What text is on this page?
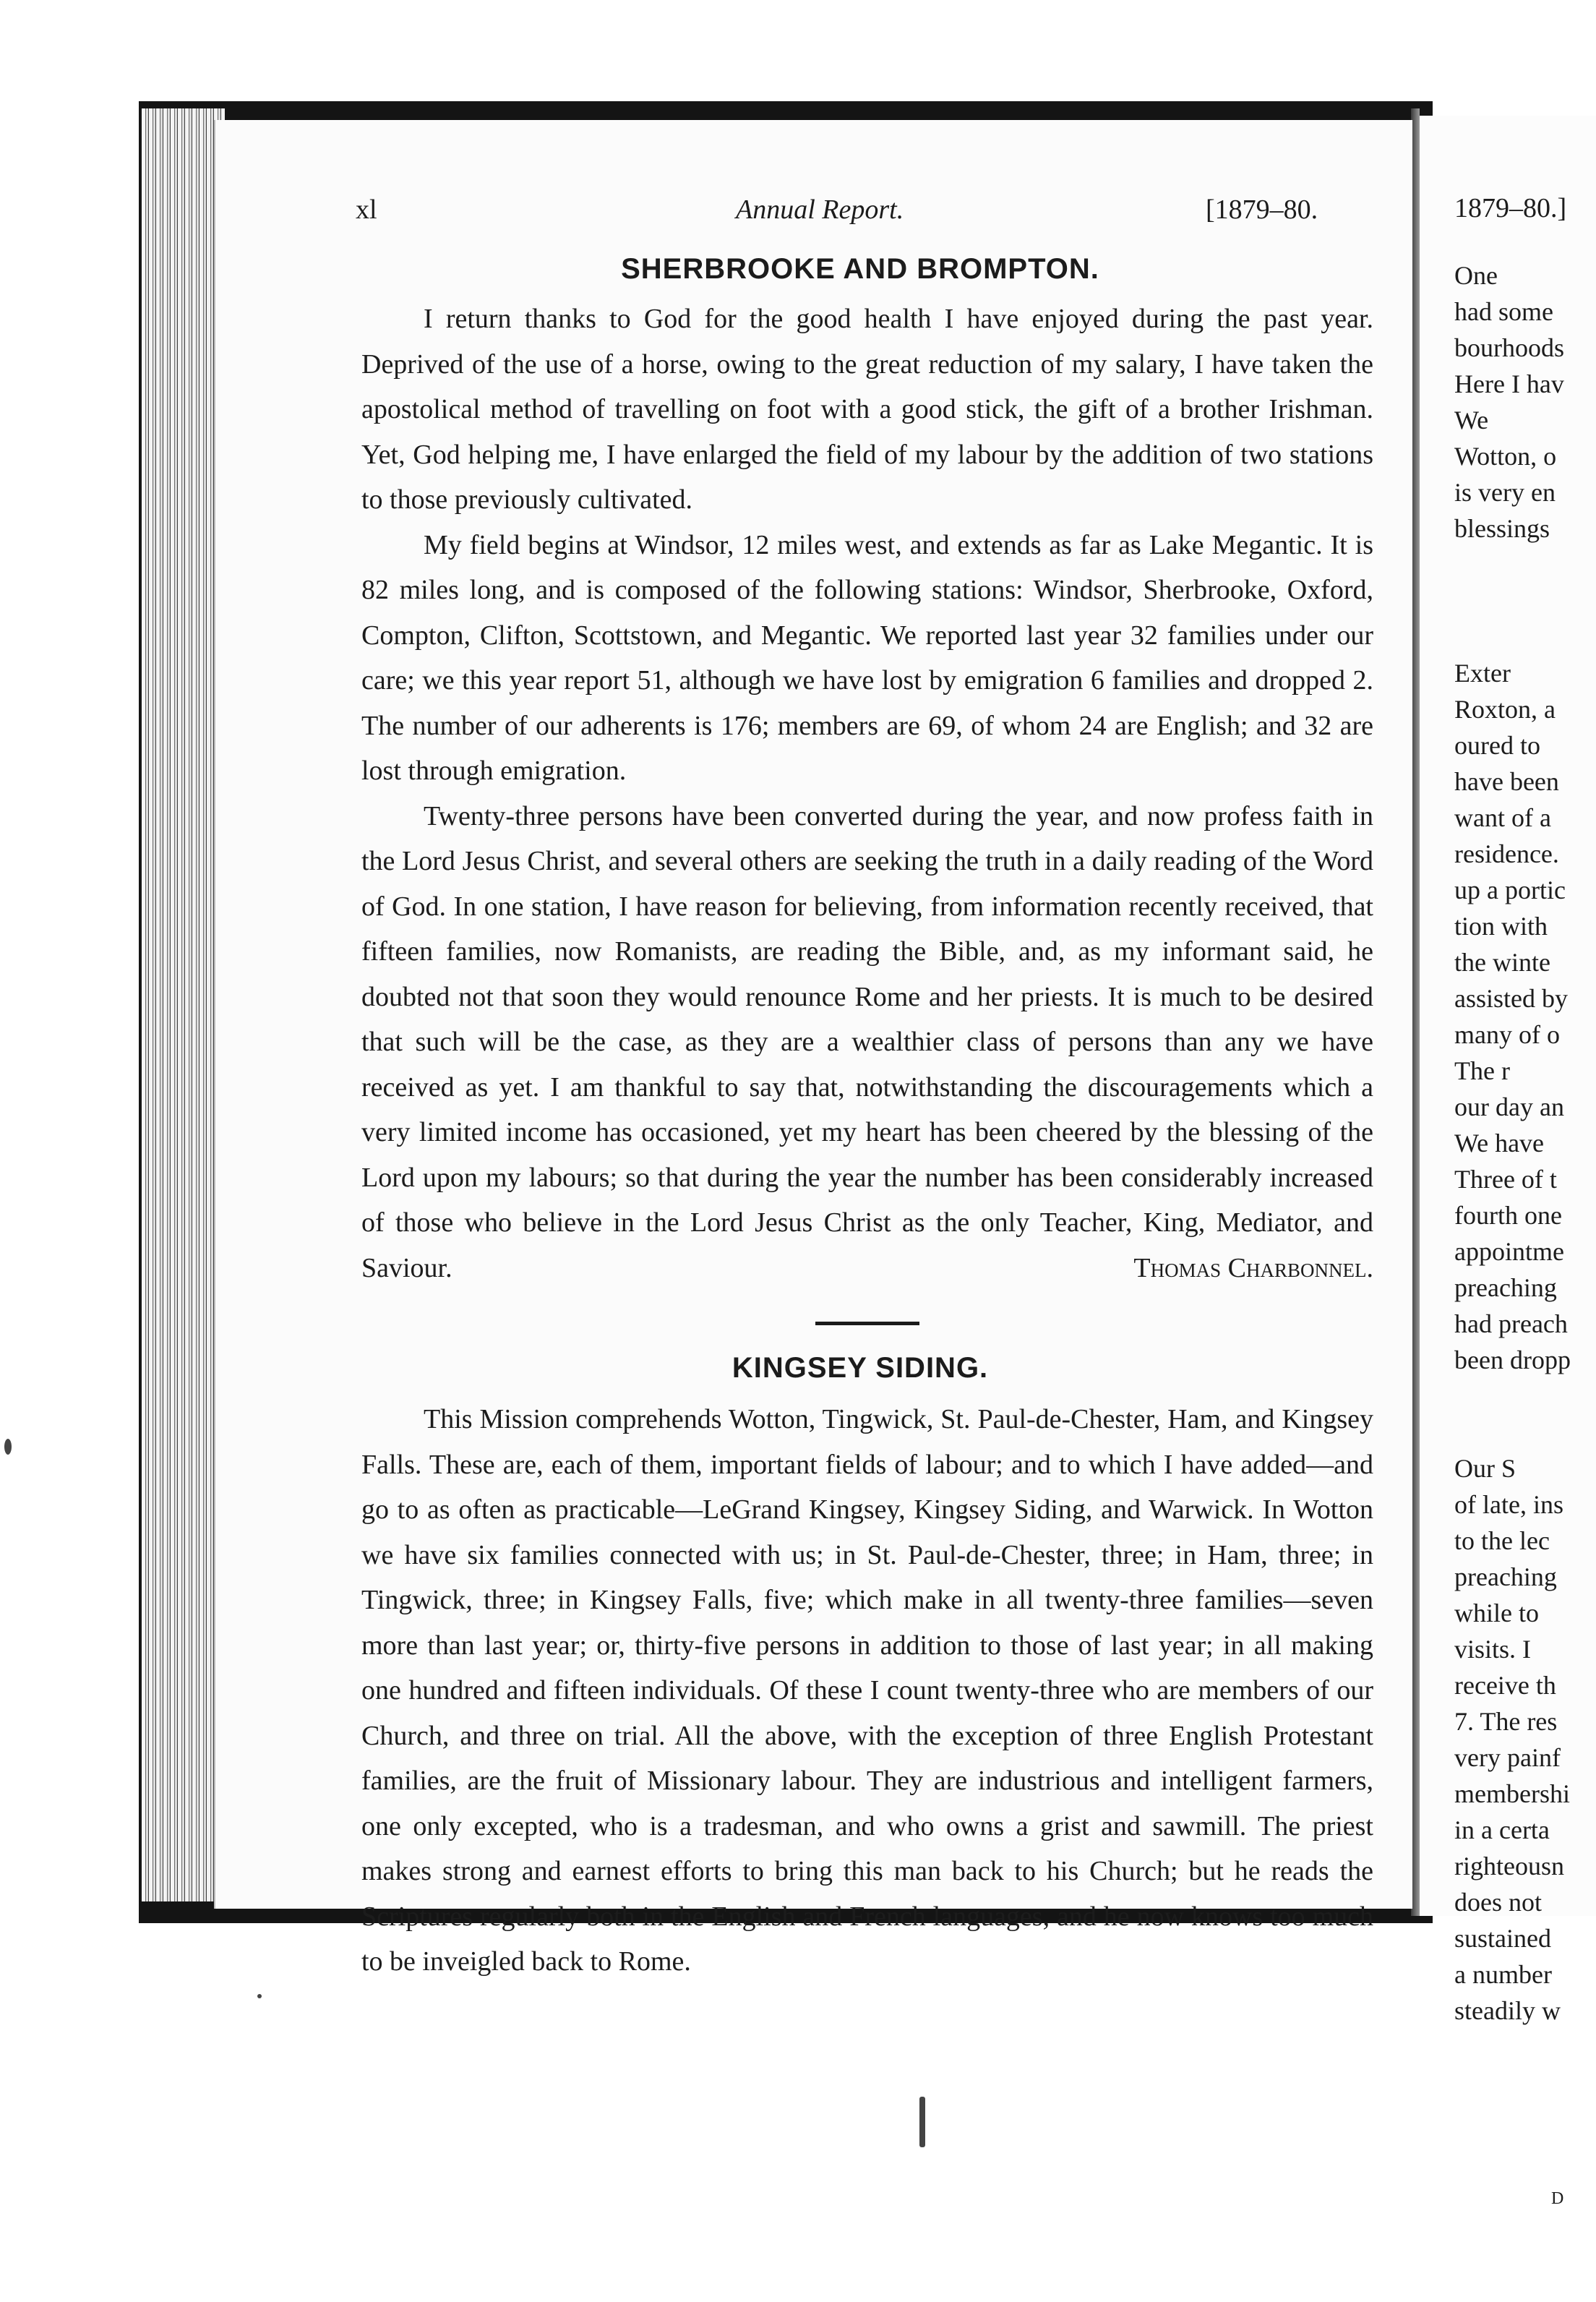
xl	Annual Report.	[1879–80.
SHERBROOKE AND BROMPTON.

I return thanks to God for the good health I have enjoyed during the past year. Deprived of the use of a horse, owing to the great reduction of my salary, I have taken the apostolical method of travelling on foot with a good stick, the gift of a brother Irishman. Yet, God helping me, I have enlarged the field of my labour by the addition of two stations to those previously cultivated.

My field begins at Windsor, 12 miles west, and extends as far as Lake Megantic. It is 82 miles long, and is composed of the following stations: Windsor, Sherbrooke, Oxford, Compton, Clifton, Scottstown, and Megantic. We reported last year 32 families under our care; we this year report 51, although we have lost by emigration 6 families and dropped 2. The number of our adherents is 176; members are 69, of whom 24 are English; and 32 are lost through emigration.

Twenty-three persons have been converted during the year, and now profess faith in the Lord Jesus Christ, and several others are seeking the truth in a daily reading of the Word of God. In one station, I have reason for believing, from information recently received, that fifteen families, now Romanists, are reading the Bible, and, as my informant said, he doubted not that soon they would renounce Rome and her priests. It is much to be desired that such will be the case, as they are a wealthier class of persons than any we have received as yet. I am thankful to say that, notwithstanding the discouragements which a very limited income has occasioned, yet my heart has been cheered by the blessing of the Lord upon my labours; so that during the year the number has been considerably increased of those who believe in the Lord Jesus Christ as the only Teacher, King, Mediator, and Saviour.	Thomas Charbonnel.
KINGSEY SIDING.

This Mission comprehends Wotton, Tingwick, St. Paul-de-Chester, Ham, and Kingsey Falls. These are, each of them, important fields of labour; and to which I have added—and go to as often as practicable—LeGrand Kingsey, Kingsey Siding, and Warwick. In Wotton we have six families connected with us; in St. Paul-de-Chester, three; in Ham, three; in Tingwick, three; in Kingsey Falls, five; which make in all twenty-three families—seven more than last year; or, thirty-five persons in addition to those of last year; in all making one hundred and fifteen individuals. Of these I count twenty-three who are members of our Church, and three on trial. All the above, with the exception of three English Protestant families, are the fruit of Missionary labour. They are industrious and intelligent farmers, one only excepted, who is a tradesman, and who owns a grist and sawmill. The priest makes strong and earnest efforts to bring this man back to his Church; but he reads the Scriptures regularly both in the English and French languages, and he now knows too much to be inveigled back to Rome.

1879–80.]
One
had some
bourhoods
Here I hav
We
Wotton, o
is very en
blessings
Exter
Roxton, a
oured to
have been
want of a
residence.
up a portic
tion with
the winte
assisted by
many of o
The r
our day an
We have
Three of t
fourth one
appointme
preaching
had preach
been dropp
Our S
of late, ins
to the lec
preaching
while to
visits. I
receive th
7. The res
very painf
membershi
in a certa
righteousn
does not
sustained
a number
steadily w
D
